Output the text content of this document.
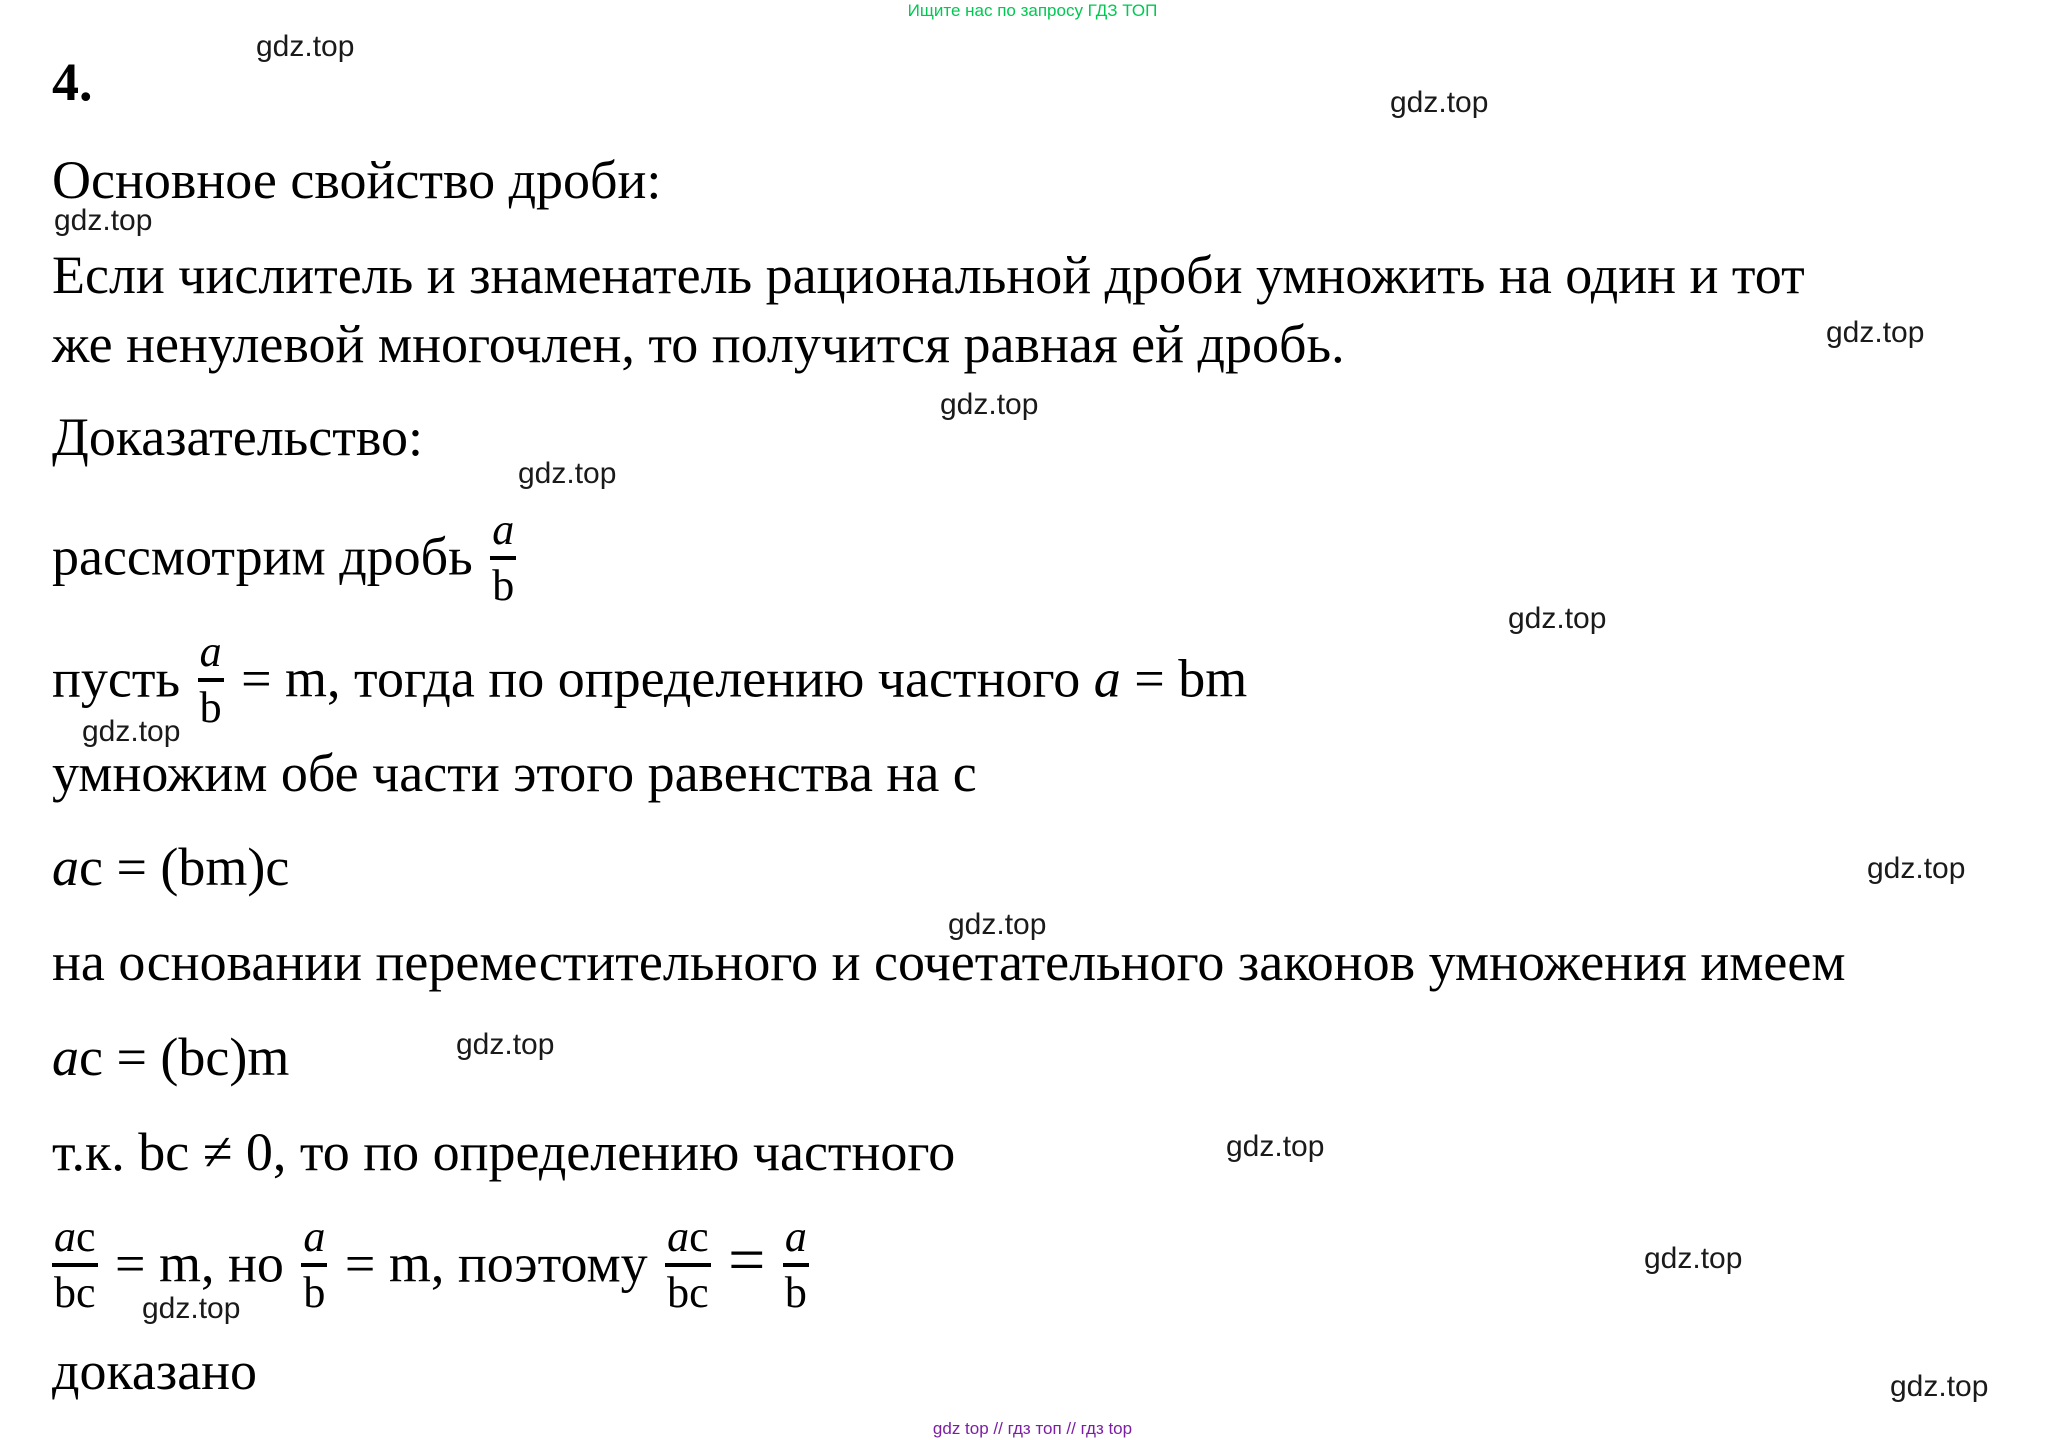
Ищите нас по запросу ГДЗ ТОП
4.
Основное свойство дроби:
Если числитель и знаменатель рациональной дроби умножить на один и тот
же ненулевой многочлен, то получится равная ей дробь.
Доказательство:
рассмотрим дробь $\frac{a}{b}$
пусть $\frac{a}{b} = m$, тогда по определению частного a = bm
умножим обе части этого равенства на c
ac = (bm)c
на основании переместительного и сочетательного законов умножения имеем
ac = (bc)m
т.к. bc ≠ 0, то по определению частного
$\frac{ac}{bc} = m$, но $\frac{a}{b} = m$, поэтому $\frac{ac}{bc} = \frac{a}{b}$
доказано
gdz.top
gdz.top
gdz.top
gdz.top
gdz.top
gdz.top
gdz.top
gdz.top
gdz.top
gdz.top
gdz.top
gdz.top
gdz.top
gdz.top
gdz.top
gdz top // гдз топ // гдз top
